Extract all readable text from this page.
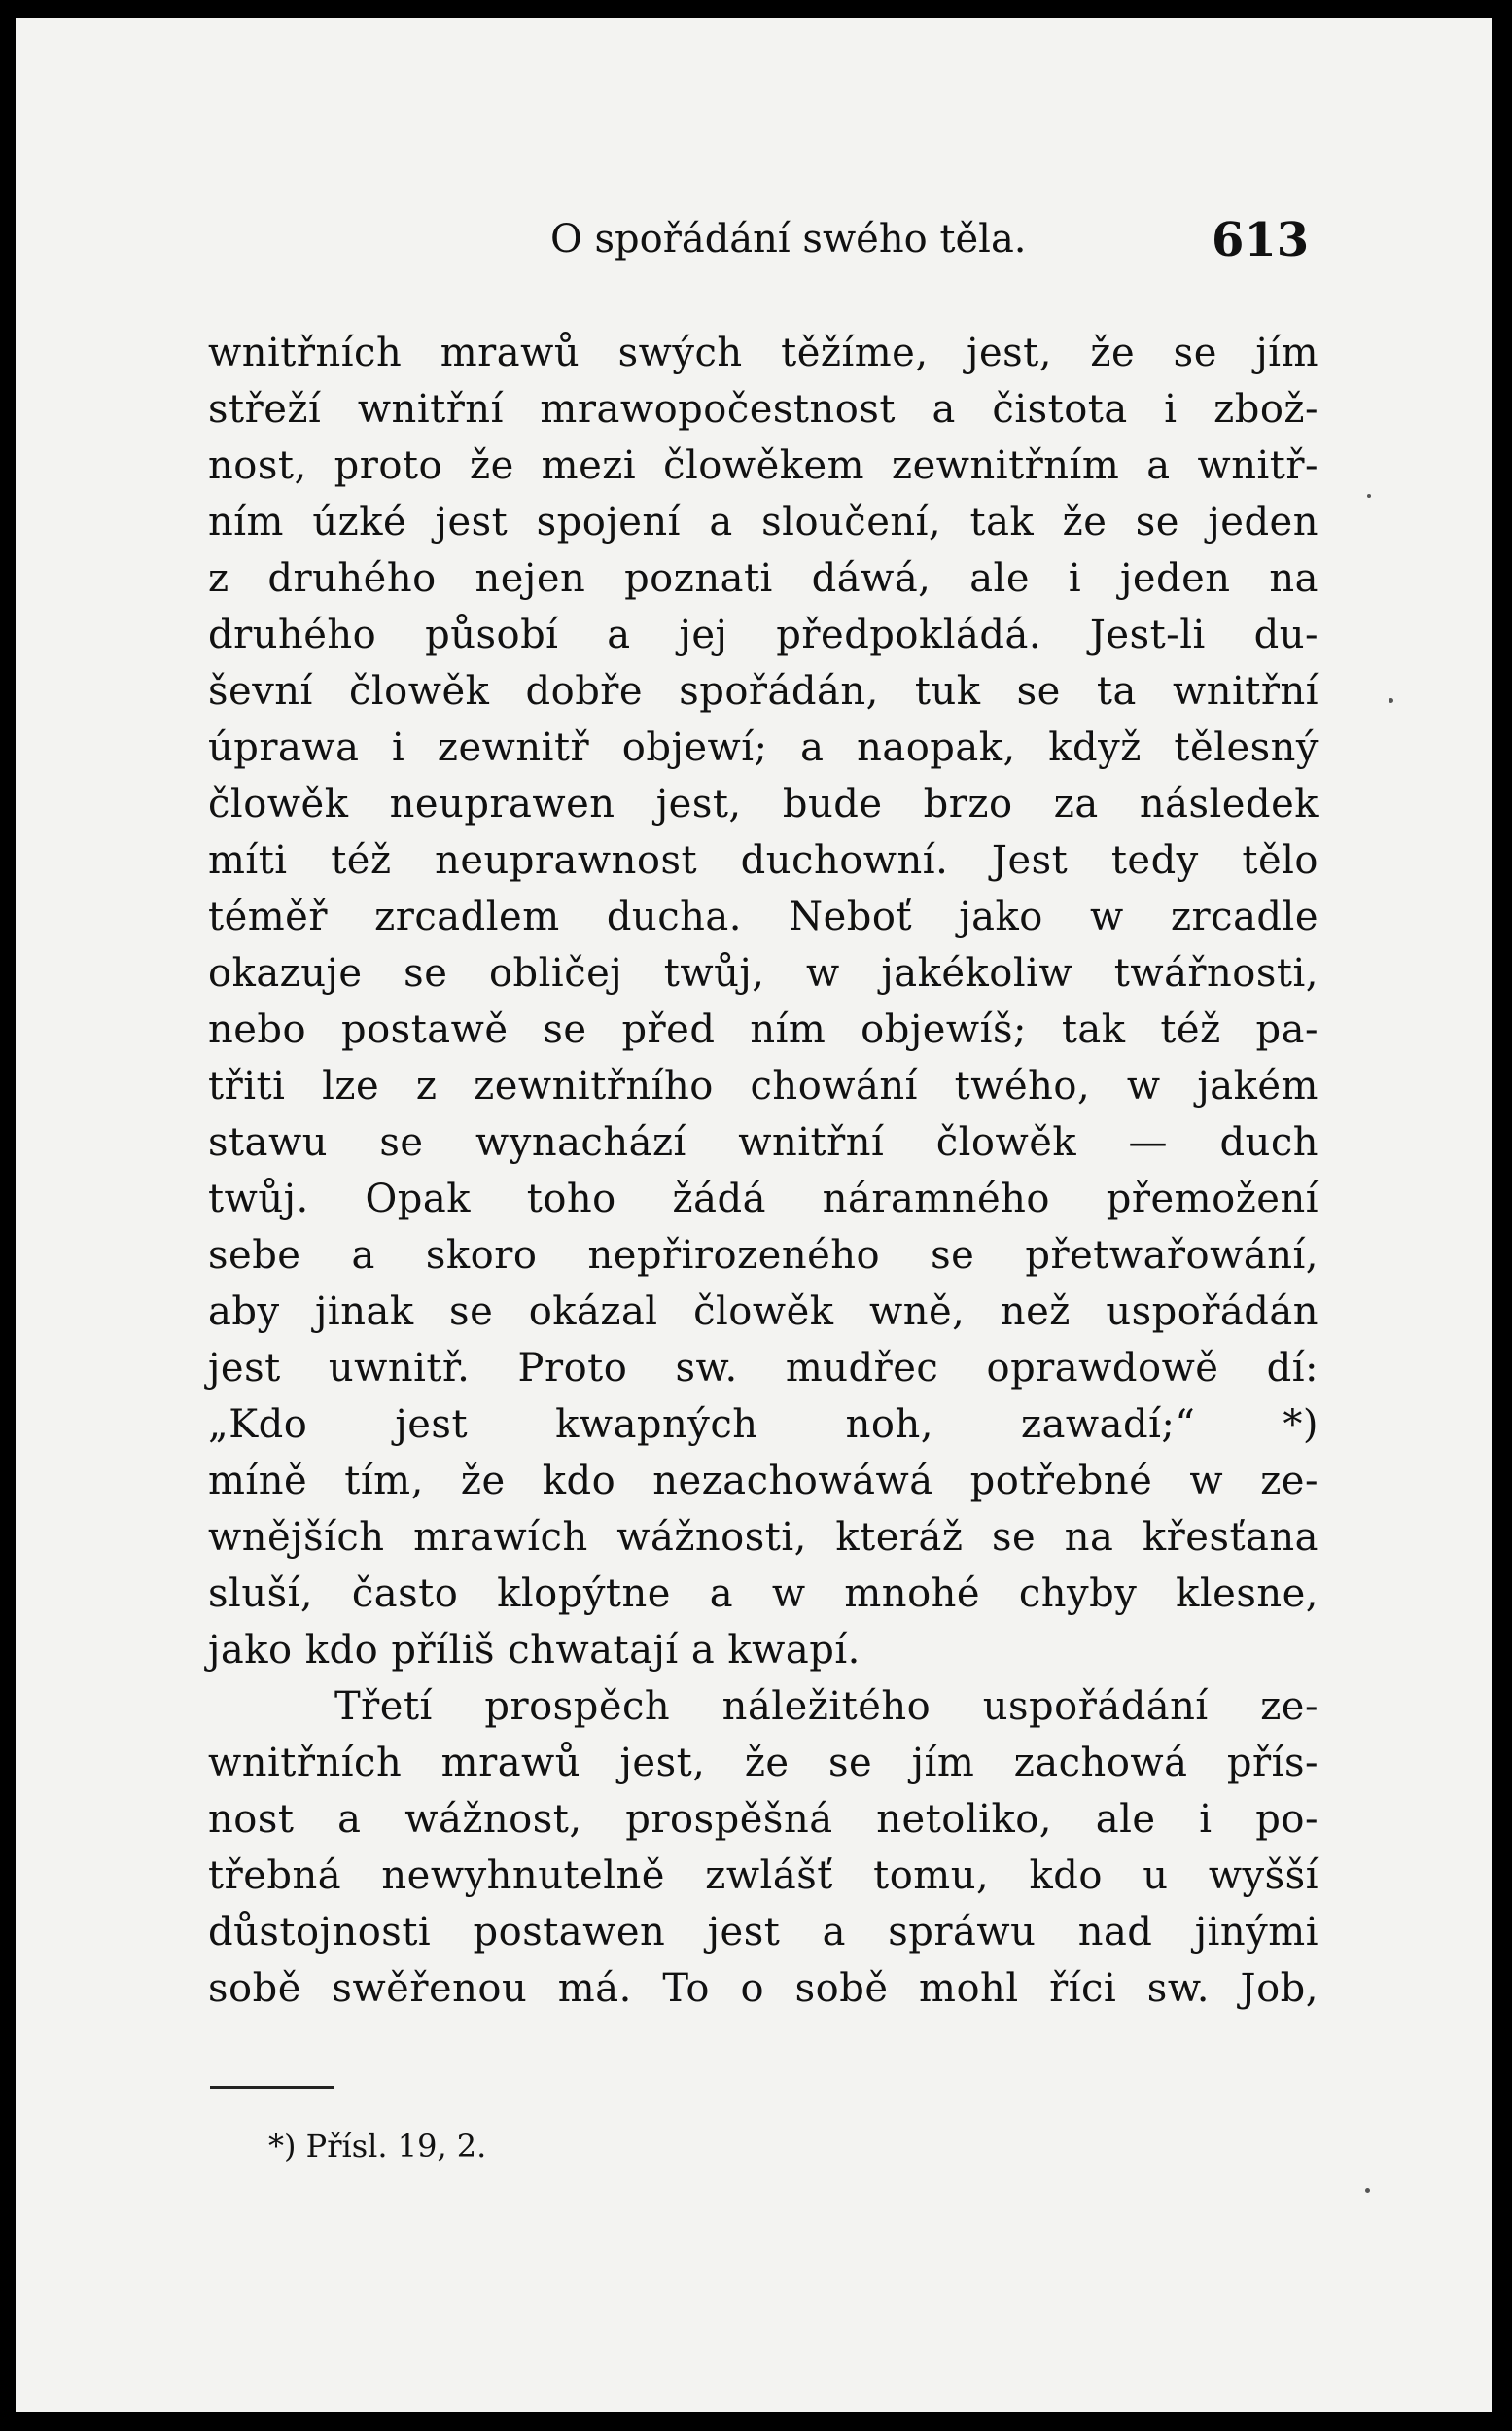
O spořádání swého těla.	613
wnitřních mrawů swých těžíme, jest, že se jím
střeží wnitřní mrawopočestnost a čistota i zbož-
nost, proto že mezi člowěkem zewnitřním a wnitř-
ním úzké jest spojení a sloučení, tak že se jeden
z druhého nejen poznati dáwá, ale i jeden na
druhého působí a jej předpokládá. Jest-li du-
ševní člowěk dobře spořádán, tuk se ta wnitřní
úprawa i zewnitř objewí; a naopak, když tělesný
člowěk neuprawen jest, bude brzo za následek
míti též neuprawnost duchowní. Jest tedy tělo
téměř zrcadlem ducha. Neboť jako w zrcadle
okazuje se obličej twůj, w jakékoliw twářnosti,
nebo postawě se před ním objewíš; tak též pa-
třiti lze z zewnitřního chowání twého, w jakém
stawu se wynachází wnitřní člowěk — duch
twůj. Opak toho žádá náramného přemožení
sebe a skoro nepřirozeného se přetwařowání,
aby jinak se okázal člowěk wně, než uspořádán
jest uwnitř. Proto sw. mudřec oprawdowě dí:
„Kdo jest kwapných noh, zawadí;“ *)
míně tím, že kdo nezachowáwá potřebné w ze-
wnějších mrawích wážnosti, kteráž se na křesťana
sluší, často klopýtne a w mnohé chyby klesne,
jako kdo příliš chwatají a kwapí.
Třetí prospěch náležitého uspořádání ze-
wnitřních mrawů jest, že se jím zachowá přís-
nost a wážnost, prospěšná netoliko, ale i po-
třebná newyhnutelně zwlášť tomu, kdo u wyšší
důstojnosti postawen jest a spráwu nad jinými
sobě swěřenou má. To o sobě mohl říci sw. Job,
*) Přísl. 19, 2.
